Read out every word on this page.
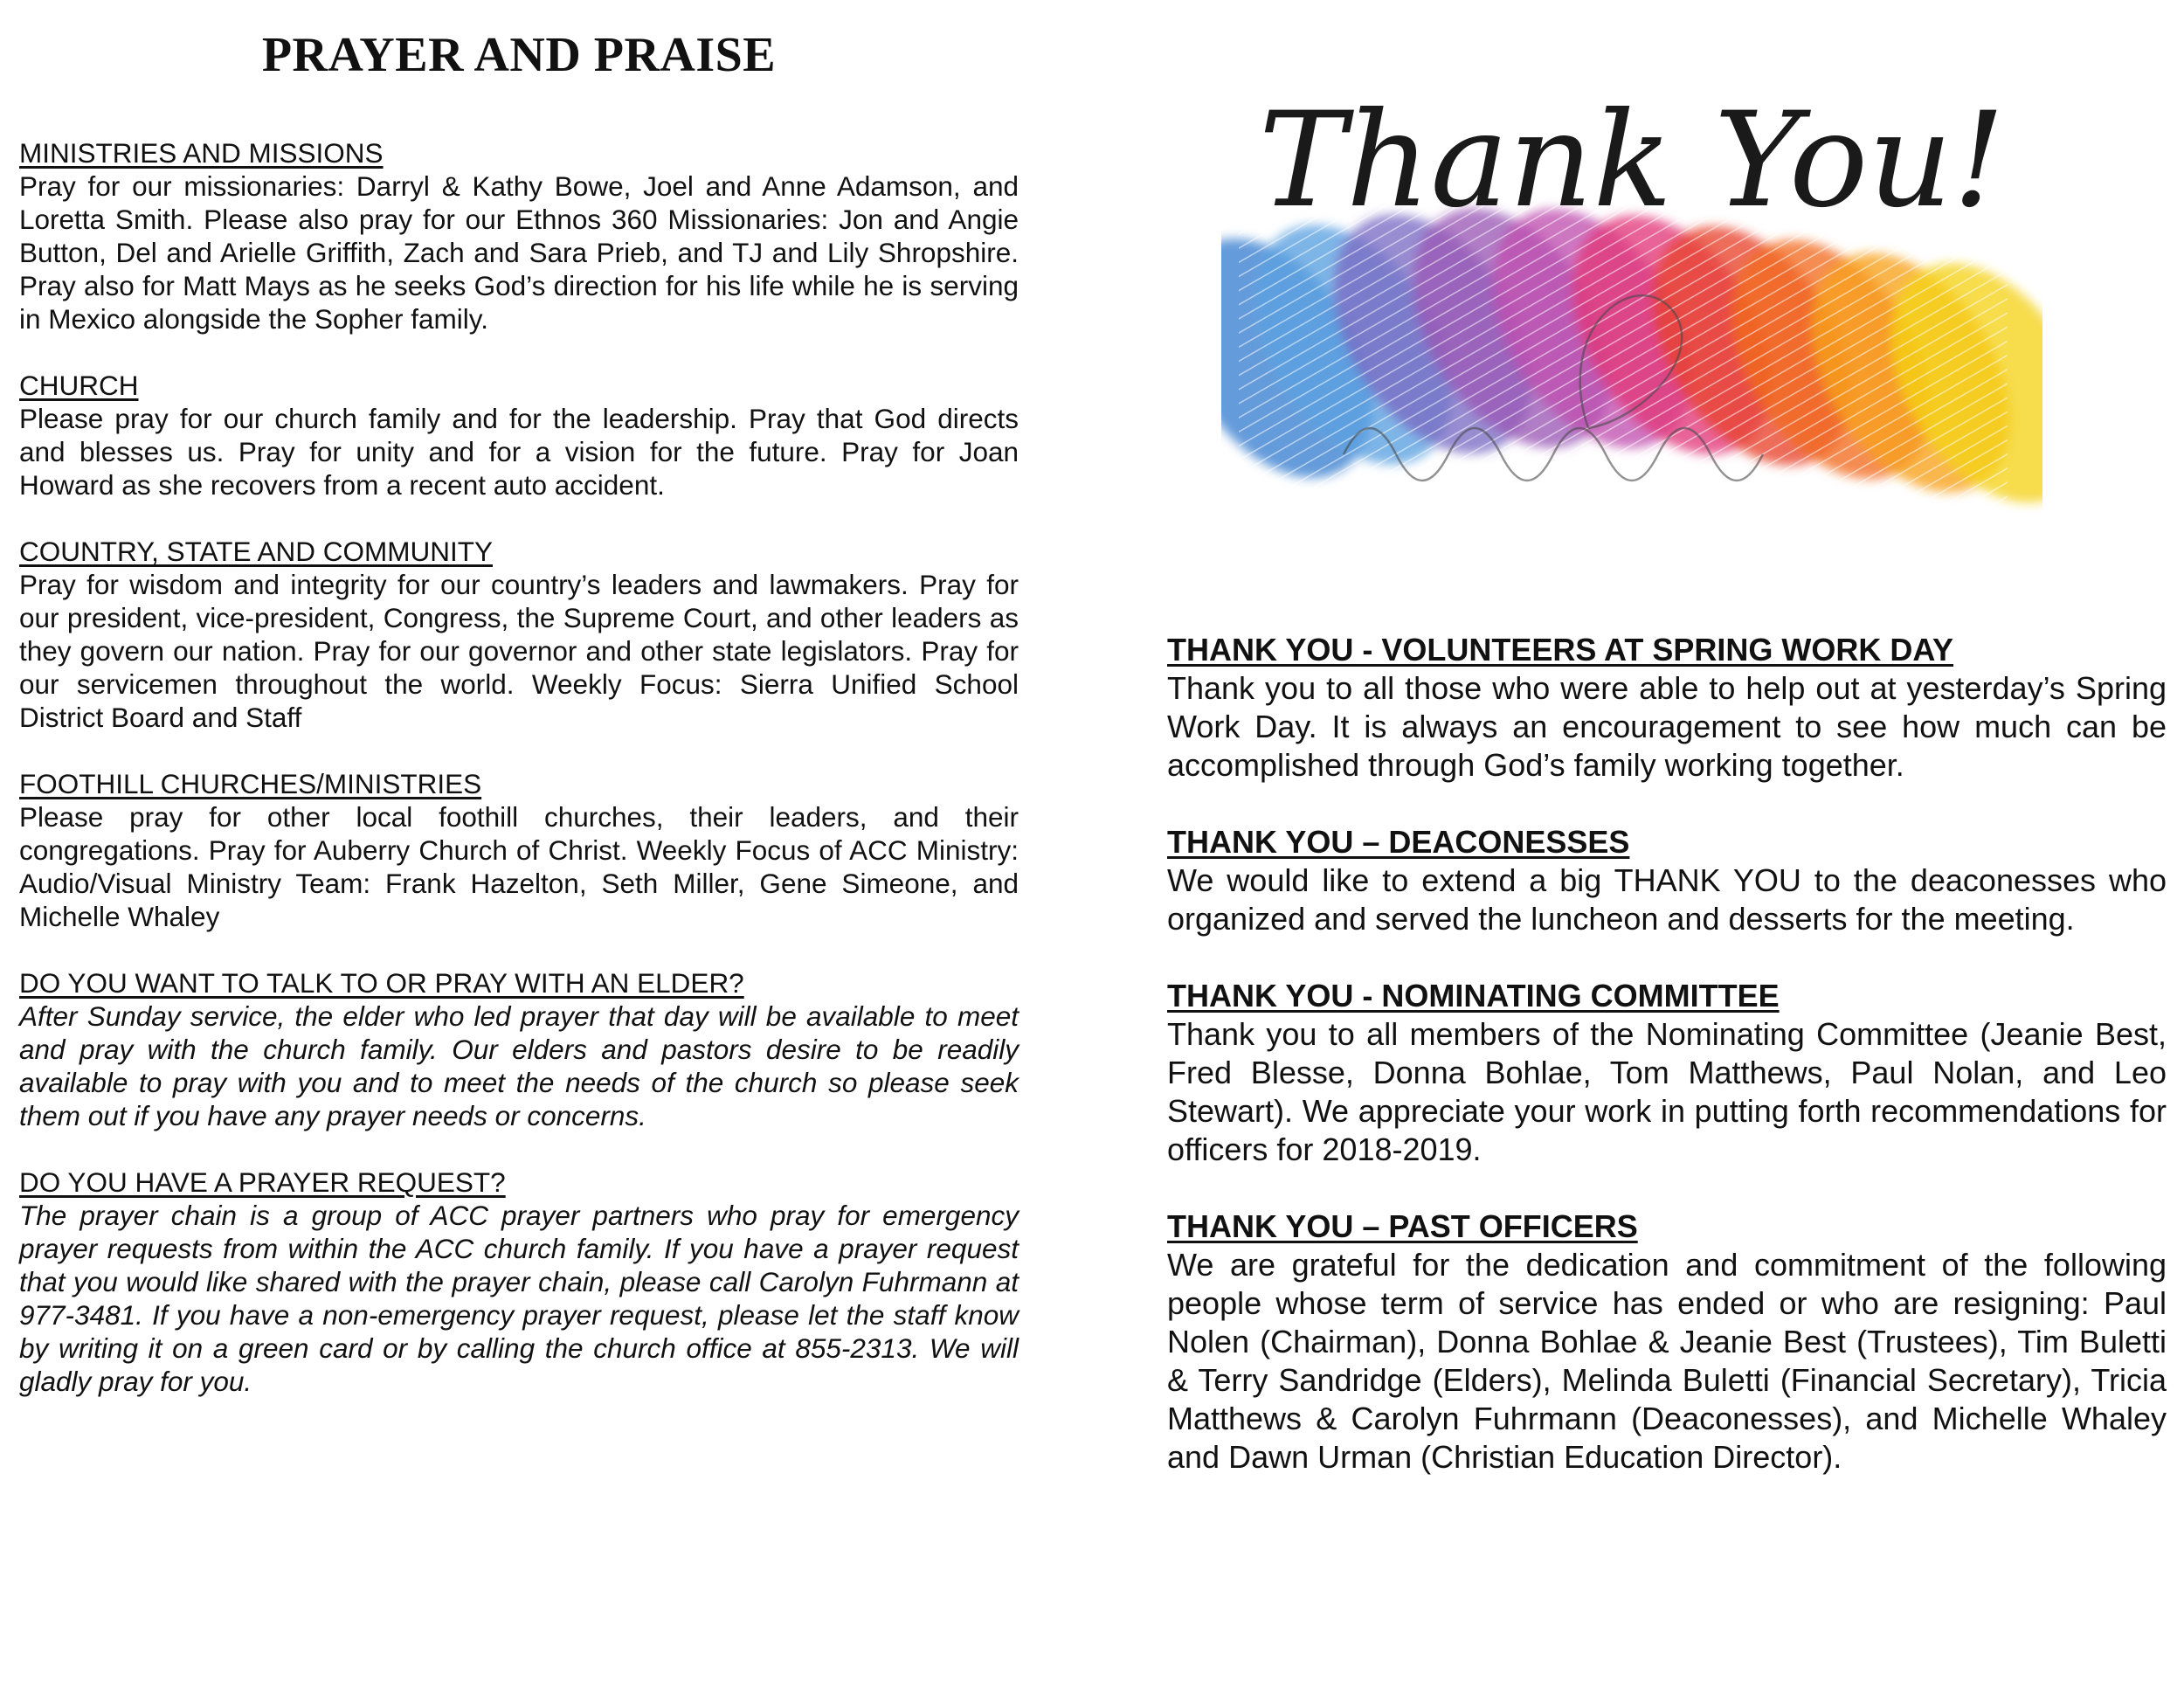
PRAYER AND PRAISE
MINISTRIES AND MISSIONS
Pray for our missionaries: Darryl & Kathy Bowe, Joel and Anne Adamson, and Loretta Smith. Please also pray for our Ethnos 360 Missionaries: Jon and Angie Button, Del and Arielle Griffith, Zach and Sara Prieb, and TJ and Lily Shropshire. Pray also for Matt Mays as he seeks God’s direction for his life while he is serving in Mexico alongside the Sopher family.
CHURCH
Please pray for our church family and for the leadership. Pray that God directs and blesses us. Pray for unity and for a vision for the future. Pray for Joan Howard as she recovers from a recent auto accident.
COUNTRY, STATE AND COMMUNITY
Pray for wisdom and integrity for our country’s leaders and lawmakers. Pray for our president, vice-president, Congress, the Supreme Court, and other leaders as they govern our nation. Pray for our governor and other state legislators. Pray for our servicemen throughout the world. Weekly Focus: Sierra Unified School District Board and Staff
FOOTHILL CHURCHES/MINISTRIES
Please pray for other local foothill churches, their leaders, and their congregations. Pray for Auberry Church of Christ. Weekly Focus of ACC Ministry: Audio/Visual Ministry Team: Frank Hazelton, Seth Miller, Gene Simeone, and Michelle Whaley
DO YOU WANT TO TALK TO OR PRAY WITH AN ELDER?
After Sunday service, the elder who led prayer that day will be available to meet and pray with the church family. Our elders and pastors desire to be readily available to pray with you and to meet the needs of the church so please seek them out if you have any prayer needs or concerns.
DO YOU HAVE A PRAYER REQUEST?
The prayer chain is a group of ACC prayer partners who pray for emergency prayer requests from within the ACC church family. If you have a prayer request that you would like shared with the prayer chain, please call Carolyn Fuhrmann at 977-3481. If you have a non-emergency prayer request, please let the staff know by writing it on a green card or by calling the church office at 855-2313. We will gladly pray for you.
Thank You!
THANK YOU - VOLUNTEERS AT SPRING WORK DAY
Thank you to all those who were able to help out at yesterday’s Spring Work Day. It is always an encouragement to see how much can be accomplished through God’s family working together.
THANK YOU – DEACONESSES
We would like to extend a big THANK YOU to the deaconesses who organized and served the luncheon and desserts for the meeting.
THANK YOU - NOMINATING COMMITTEE
Thank you to all members of the Nominating Committee (Jeanie Best, Fred Blesse, Donna Bohlae, Tom Matthews, Paul Nolan, and Leo Stewart). We appreciate your work in putting forth recommendations for officers for 2018-2019.
THANK YOU – PAST OFFICERS
We are grateful for the dedication and commitment of the following people whose term of service has ended or who are resigning: Paul Nolen (Chairman), Donna Bohlae & Jeanie Best (Trustees), Tim Buletti & Terry Sandridge (Elders), Melinda Buletti (Financial Secretary), Tricia Matthews & Carolyn Fuhrmann (Deaconesses), and Michelle Whaley and Dawn Urman (Christian Education Director).
